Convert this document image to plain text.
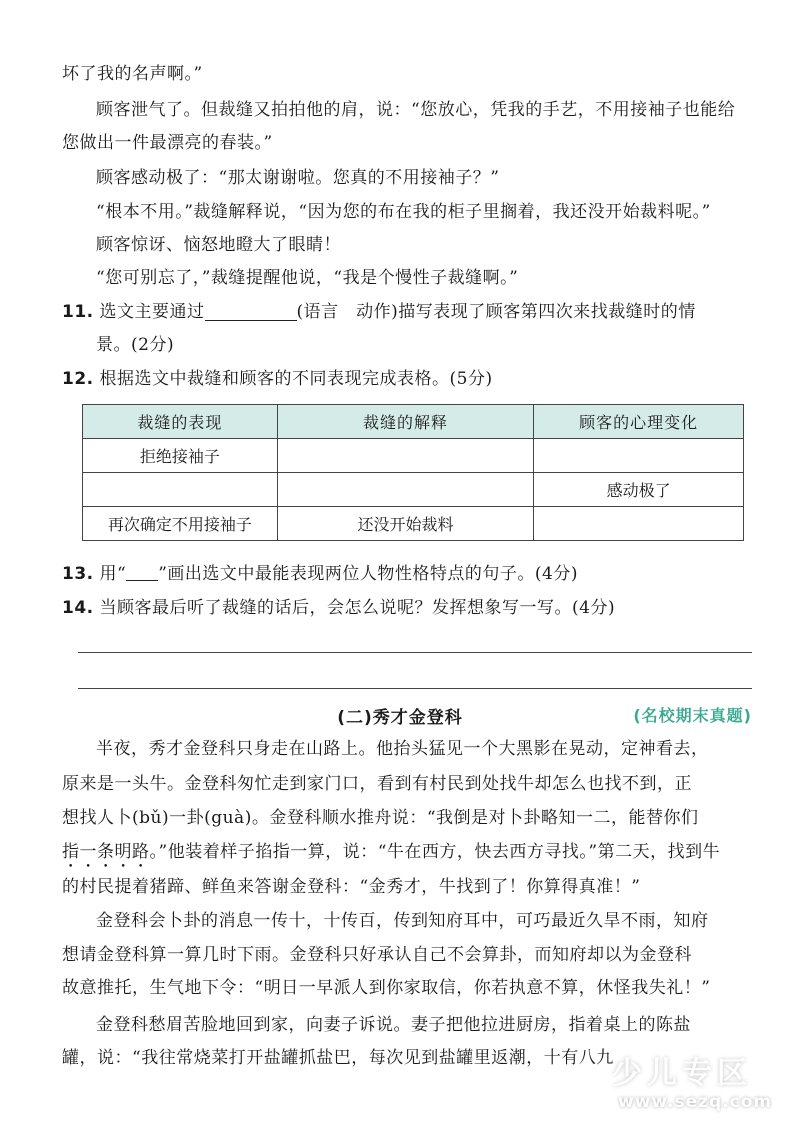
坏了我的名声啊。”
顾客泄气了。但裁缝又拍拍他的肩，说：“您放心，凭我的手艺，不用接袖子也能给
您做出一件最漂亮的春装。”
顾客感动极了：“那太谢谢啦。您真的不用接袖子？”
“根本不用。”裁缝解释说，“因为您的布在我的柜子里搁着，我还没开始裁料呢。”
顾客惊讶、恼怒地瞪大了眼睛！
“您可别忘了，”裁缝提醒他说，“我是个慢性子裁缝啊。”
11. 选文主要通过	(语言　动作)描写表现了顾客第四次来找裁缝时的情
景。(2分)
12. 根据选文中裁缝和顾客的不同表现完成表格。(5分)
裁缝的表现	裁缝的解释	顾客的心理变化
拒绝接袖子		
		感动极了
再次确定不用接袖子	还没开始裁料	
13. 用“ ”画出选文中最能表现两位人物性格特点的句子。(4分)
14. 当顾客最后听了裁缝的话后，会怎么说呢？发挥想象写一写。(4分)
(二)秀才金登科	(名校期末真题)
半夜，秀才金登科只身走在山路上。他抬头猛见一个大黑影在晃动，定神看去，
原来是一头牛。金登科匆忙走到家门口，看到有村民到处找牛却怎么也找不到，正
想找人卜(bǔ)一卦(guà)。金登科顺水推舟说：“我倒是对卜卦略知一二，能替你们
指一条明路。”他装着样子掐指一算，说：“牛在西方，快去西方寻找。”第二天，找到牛
的村民提着猪蹄、鲜鱼来答谢金登科：“金秀才，牛找到了！你算得真准！”
金登科会卜卦的消息一传十，十传百，传到知府耳中，可巧最近久旱不雨，知府
想请金登科算一算几时下雨。金登科只好承认自己不会算卦，而知府却以为金登科
故意推托，生气地下令：“明日一早派人到你家取信，你若执意不算，休怪我失礼！”
金登科愁眉苦脸地回到家，向妻子诉说。妻子把他拉进厨房，指着桌上的陈盐
罐，说：“我往常烧菜打开盐罐抓盐巴，每次见到盐罐里返潮，十有八九
少儿专区
www.sezq.com
